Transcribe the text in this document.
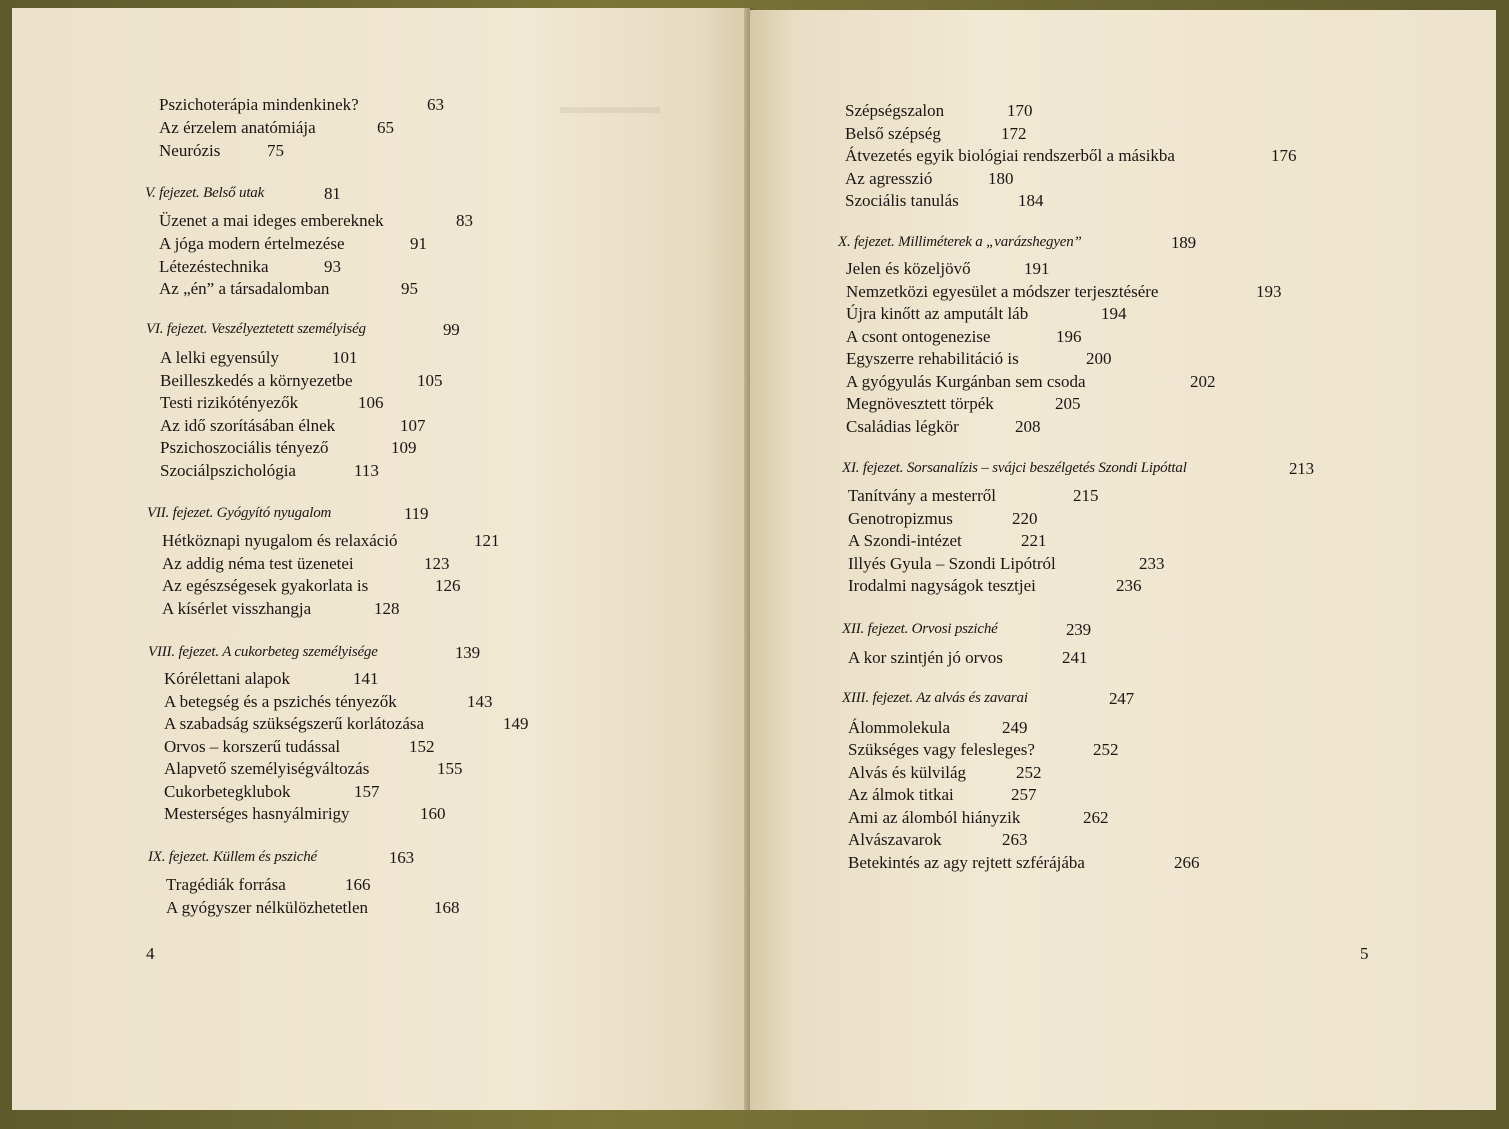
▬▬▬▬▬
Pszichoterápia mindenkinek?	63
Az érzelem anatómiája	65
Neurózis	75
V. fejezet. Belső utak	81
Üzenet a mai ideges embereknek	83
A jóga modern értelmezése	91
Létezéstechnika	93
Az „én” a társadalomban	95
VI. fejezet. Veszélyeztetett személyiség	99
A lelki egyensúly	101
Beilleszkedés a környezetbe	105
Testi rizikótényezők	106
Az idő szorításában élnek	107
Pszichoszociális tényező	109
Szociálpszichológia	113
VII. fejezet. Gyógyító nyugalom	119
Hétköznapi nyugalom és relaxáció	121
Az addig néma test üzenetei	123
Az egészségesek gyakorlata is	126
A kísérlet visszhangja	128
VIII. fejezet. A cukorbeteg személyisége	139
Kórélettani alapok	141
A betegség és a pszichés tényezők	143
A szabadság szükségszerű korlátozása	149
Orvos – korszerű tudással	152
Alapvető személyiségváltozás	155
Cukorbetegklubok	157
Mesterséges hasnyálmirigy	160
IX. fejezet. Küllem és psziché	163
Tragédiák forrása	166
A gyógyszer nélkülözhetetlen	168
4
Szépségszalon	170
Belső szépség	172
Átvezetés egyik biológiai rendszerből a másikba	176
Az agresszió	180
Szociális tanulás	184
X. fejezet. Milliméterek a „varázshegyen”	189
Jelen és közeljövő	191
Nemzetközi egyesület a módszer terjesztésére	193
Újra kinőtt az amputált láb	194
A csont ontogenezise	196
Egyszerre rehabilitáció is	200
A gyógyulás Kurgánban sem csoda	202
Megnövesztett törpék	205
Családias légkör	208
XI. fejezet. Sorsanalízis – svájci beszélgetés Szondi Lipóttal	213
Tanítvány a mesterről	215
Genotropizmus	220
A Szondi-intézet	221
Illyés Gyula – Szondi Lipótról	233
Irodalmi nagyságok tesztjei	236
XII. fejezet. Orvosi psziché	239
A kor szintjén jó orvos	241
XIII. fejezet. Az alvás és zavarai	247
Álommolekula	249
Szükséges vagy felesleges?	252
Alvás és külvilág	252
Az álmok titkai	257
Ami az álomból hiányzik	262
Alvászavarok	263
Betekintés az agy rejtett szférájába	266
5
